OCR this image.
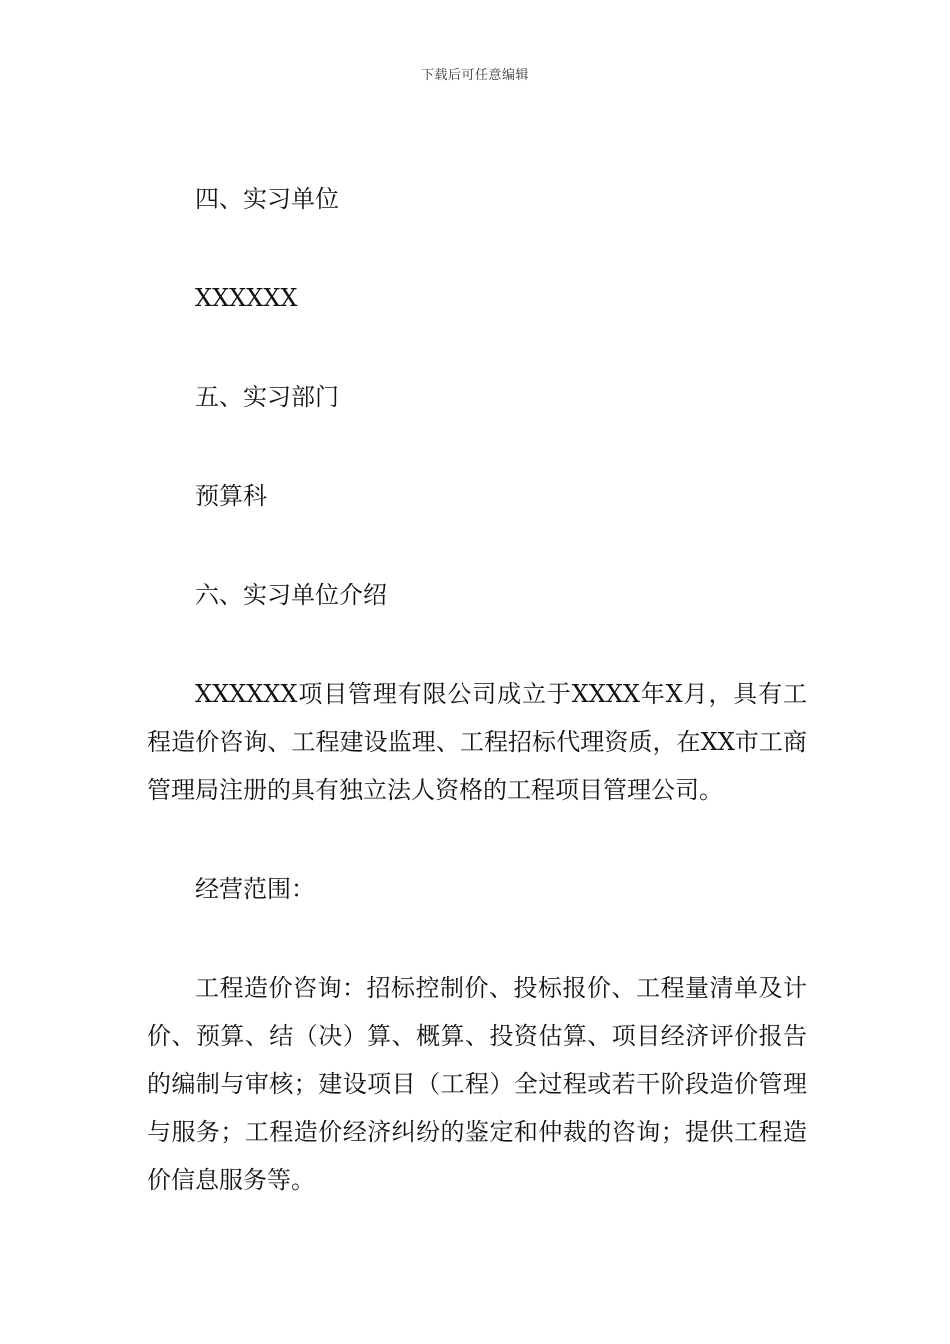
下载后可任意编辑

四、实习单位

XXXXXX

五、实习部门

预算科

六、实习单位介绍

XXXXXX项目管理有限公司成立于XXXX年X月，具有工程造价咨询、工程建设监理、工程招标代理资质，在XX市工商管理局注册的具有独立法人资格的工程项目管理公司。

经营范围：

工程造价咨询：招标控制价、投标报价、工程量清单及计价、预算、结（决）算、概算、投资估算、项目经济评价报告的编制与审核；建设项目（工程）全过程或若干阶段造价管理与服务；工程造价经济纠纷的鉴定和仲裁的咨询；提供工程造价信息服务等。
